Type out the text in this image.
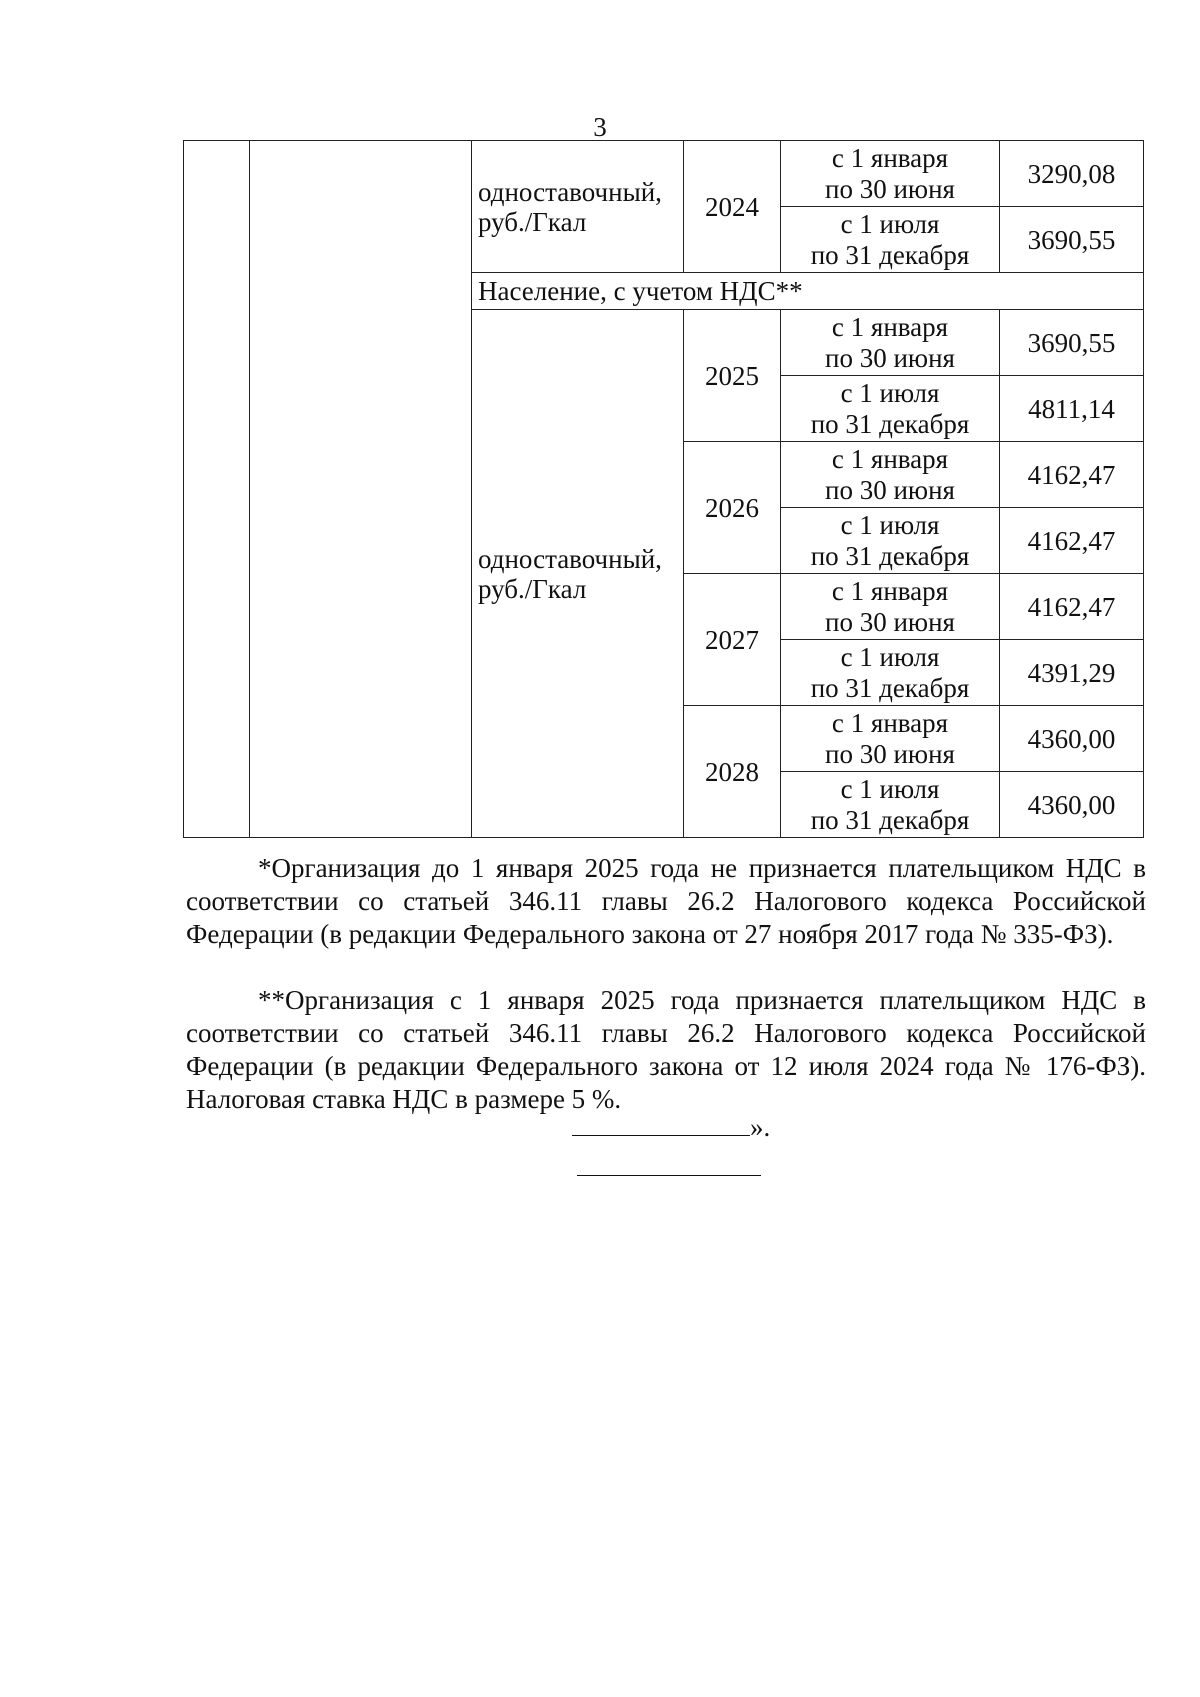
3

		одноставочный,
руб./Гкал	2024	с 1 января
по 30 июня	3290,08

				с 1 июля
по 31 декабря	3690,55
		Население, с учетом НДС**			

		одноставочный,
руб./Гкал	2025	с 1 января
по 30 июня	3690,55

				с 1 июля
по 31 декабря	4811,14
			2026	с 1 января
по 30 июня	4162,47

				с 1 июля
по 31 декабря	4162,47
			2027	с 1 января
по 30 июня	4162,47

				с 1 июля
по 31 декабря	4391,29
			2028	с 1 января
по 30 июня	4360,00

				с 1 июля
по 31 декабря	4360,00

*Организация до 1 января 2025 года не признается плательщиком НДС в соответствии со статьей 346.11 главы 26.2 Налогового кодекса Российской Федерации (в редакции Федерального закона от 27 ноября 2017 года № 335-ФЗ).

**Организация с 1 января 2025 года признается плательщиком НДС в соответствии со статьей 346.11 главы 26.2 Налогового кодекса Российской Федерации (в редакции Федерального закона от 12 июля 2024 года № 176-ФЗ). Налоговая ставка НДС в размере 5 %.

».
